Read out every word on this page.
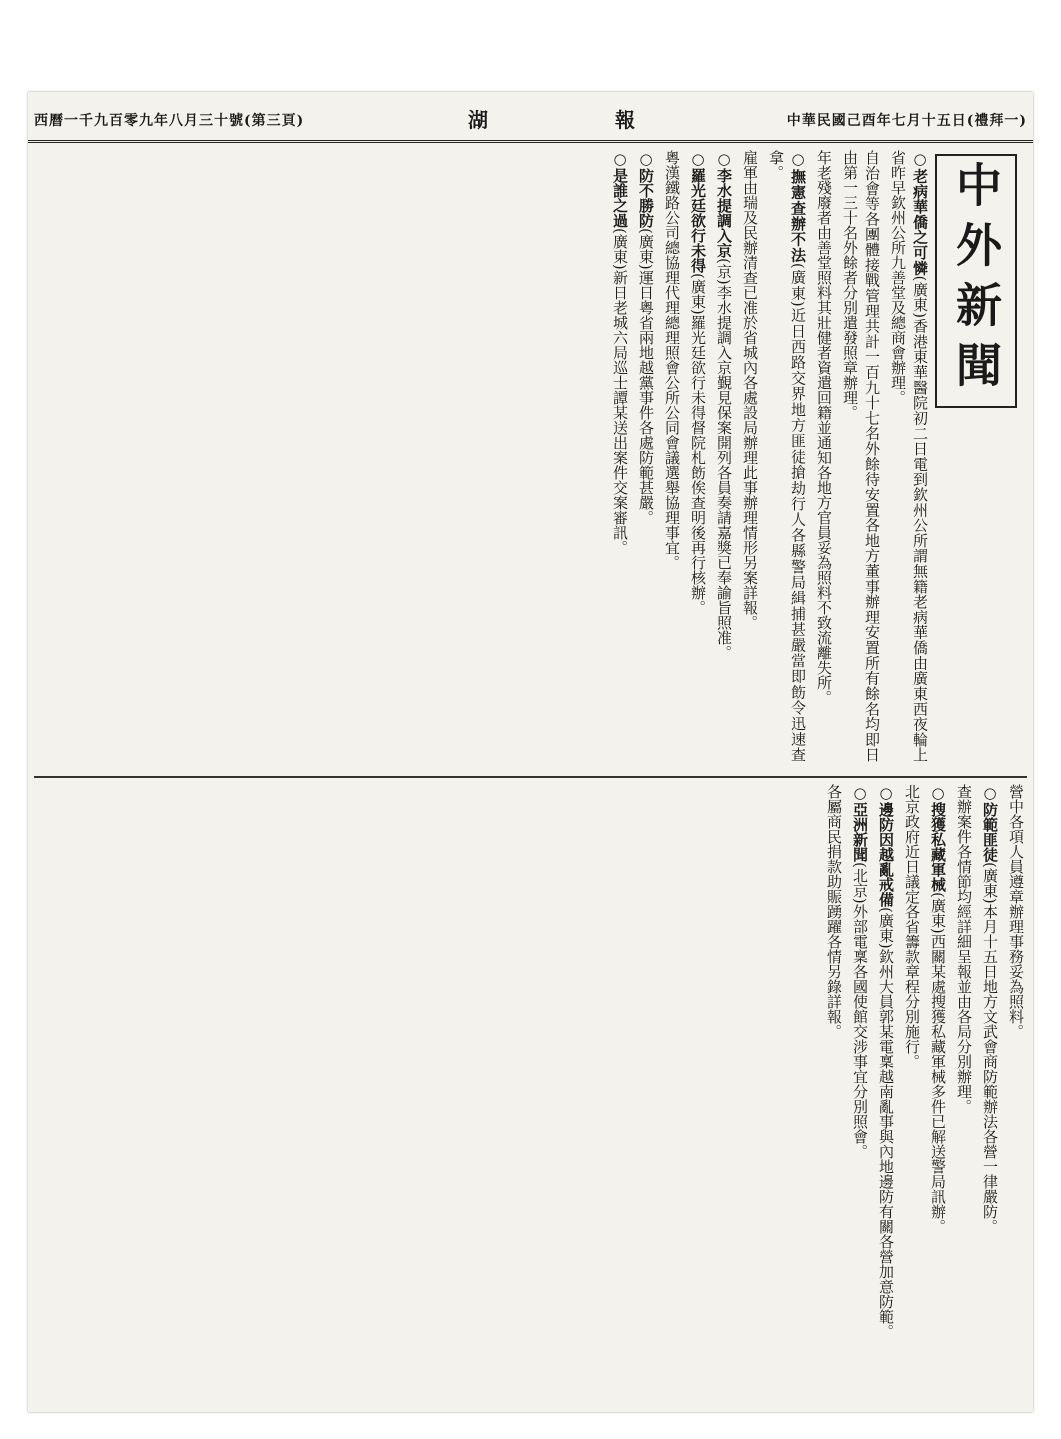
中華民國己酉年七月十五日(禮拜一)
湖 報
西曆一千九百零九年八月三十號(第三頁)
中外新聞
○老病華僑之可憐(廣東)香港東華醫院初二日電到欽州公所謂無籍老病華僑由廣東西夜輪上省昨早欽州公所九善堂及總商會辦理。
自治會等各團體接戰管理共計一百九十七名外餘待安置各地方董事辦理安置所有餘名均即日由第一三十名外餘者分別遣發照章辦理。
年老殘廢者由善堂照料其壯健者資遣回籍並通知各地方官員妥為照料不致流離失所。
○撫憲查辦不法(廣東)近日西路交界地方匪徒搶劫行人各縣警局緝捕甚嚴當即飭令迅速查拿。
雇軍由瑞及民辦清查已准於省城內各處設局辦理此事辦理情形另案詳報。
○李水提調入京(京)李水提調入京覲見保案開列各員奏請嘉獎已奉諭旨照准。
○羅光廷欲行未得(廣東)羅光廷欲行未得督院札飭俟查明後再行核辦。
粵漢鐵路公司總協理代理總理照會公所公同會議選舉協理事宜。
○防不勝防(廣東)運日粵省兩地越黨事件各處防範甚嚴。
○是誰之過(廣東)新日老城六局巡士譚某送出案件交案審訊。
營中各項人員遵章辦理事務妥為照料。
○防範匪徒(廣東)本月十五日地方文武會商防範辦法各營一律嚴防。
查辦案件各情節均經詳細呈報並由各局分別辦理。
○搜獲私藏軍械(廣東)西關某處搜獲私藏軍械多件已解送警局訊辦。
北京政府近日議定各省籌款章程分別施行。
○邊防因越亂戒備(廣東)欽州大員郭某電稟越南亂事與內地邊防有關各營加意防範。
○亞洲新聞(北京)外部電稟各國使館交涉事宜分別照會。
各屬商民捐款助賑踴躍各情另錄詳報。
